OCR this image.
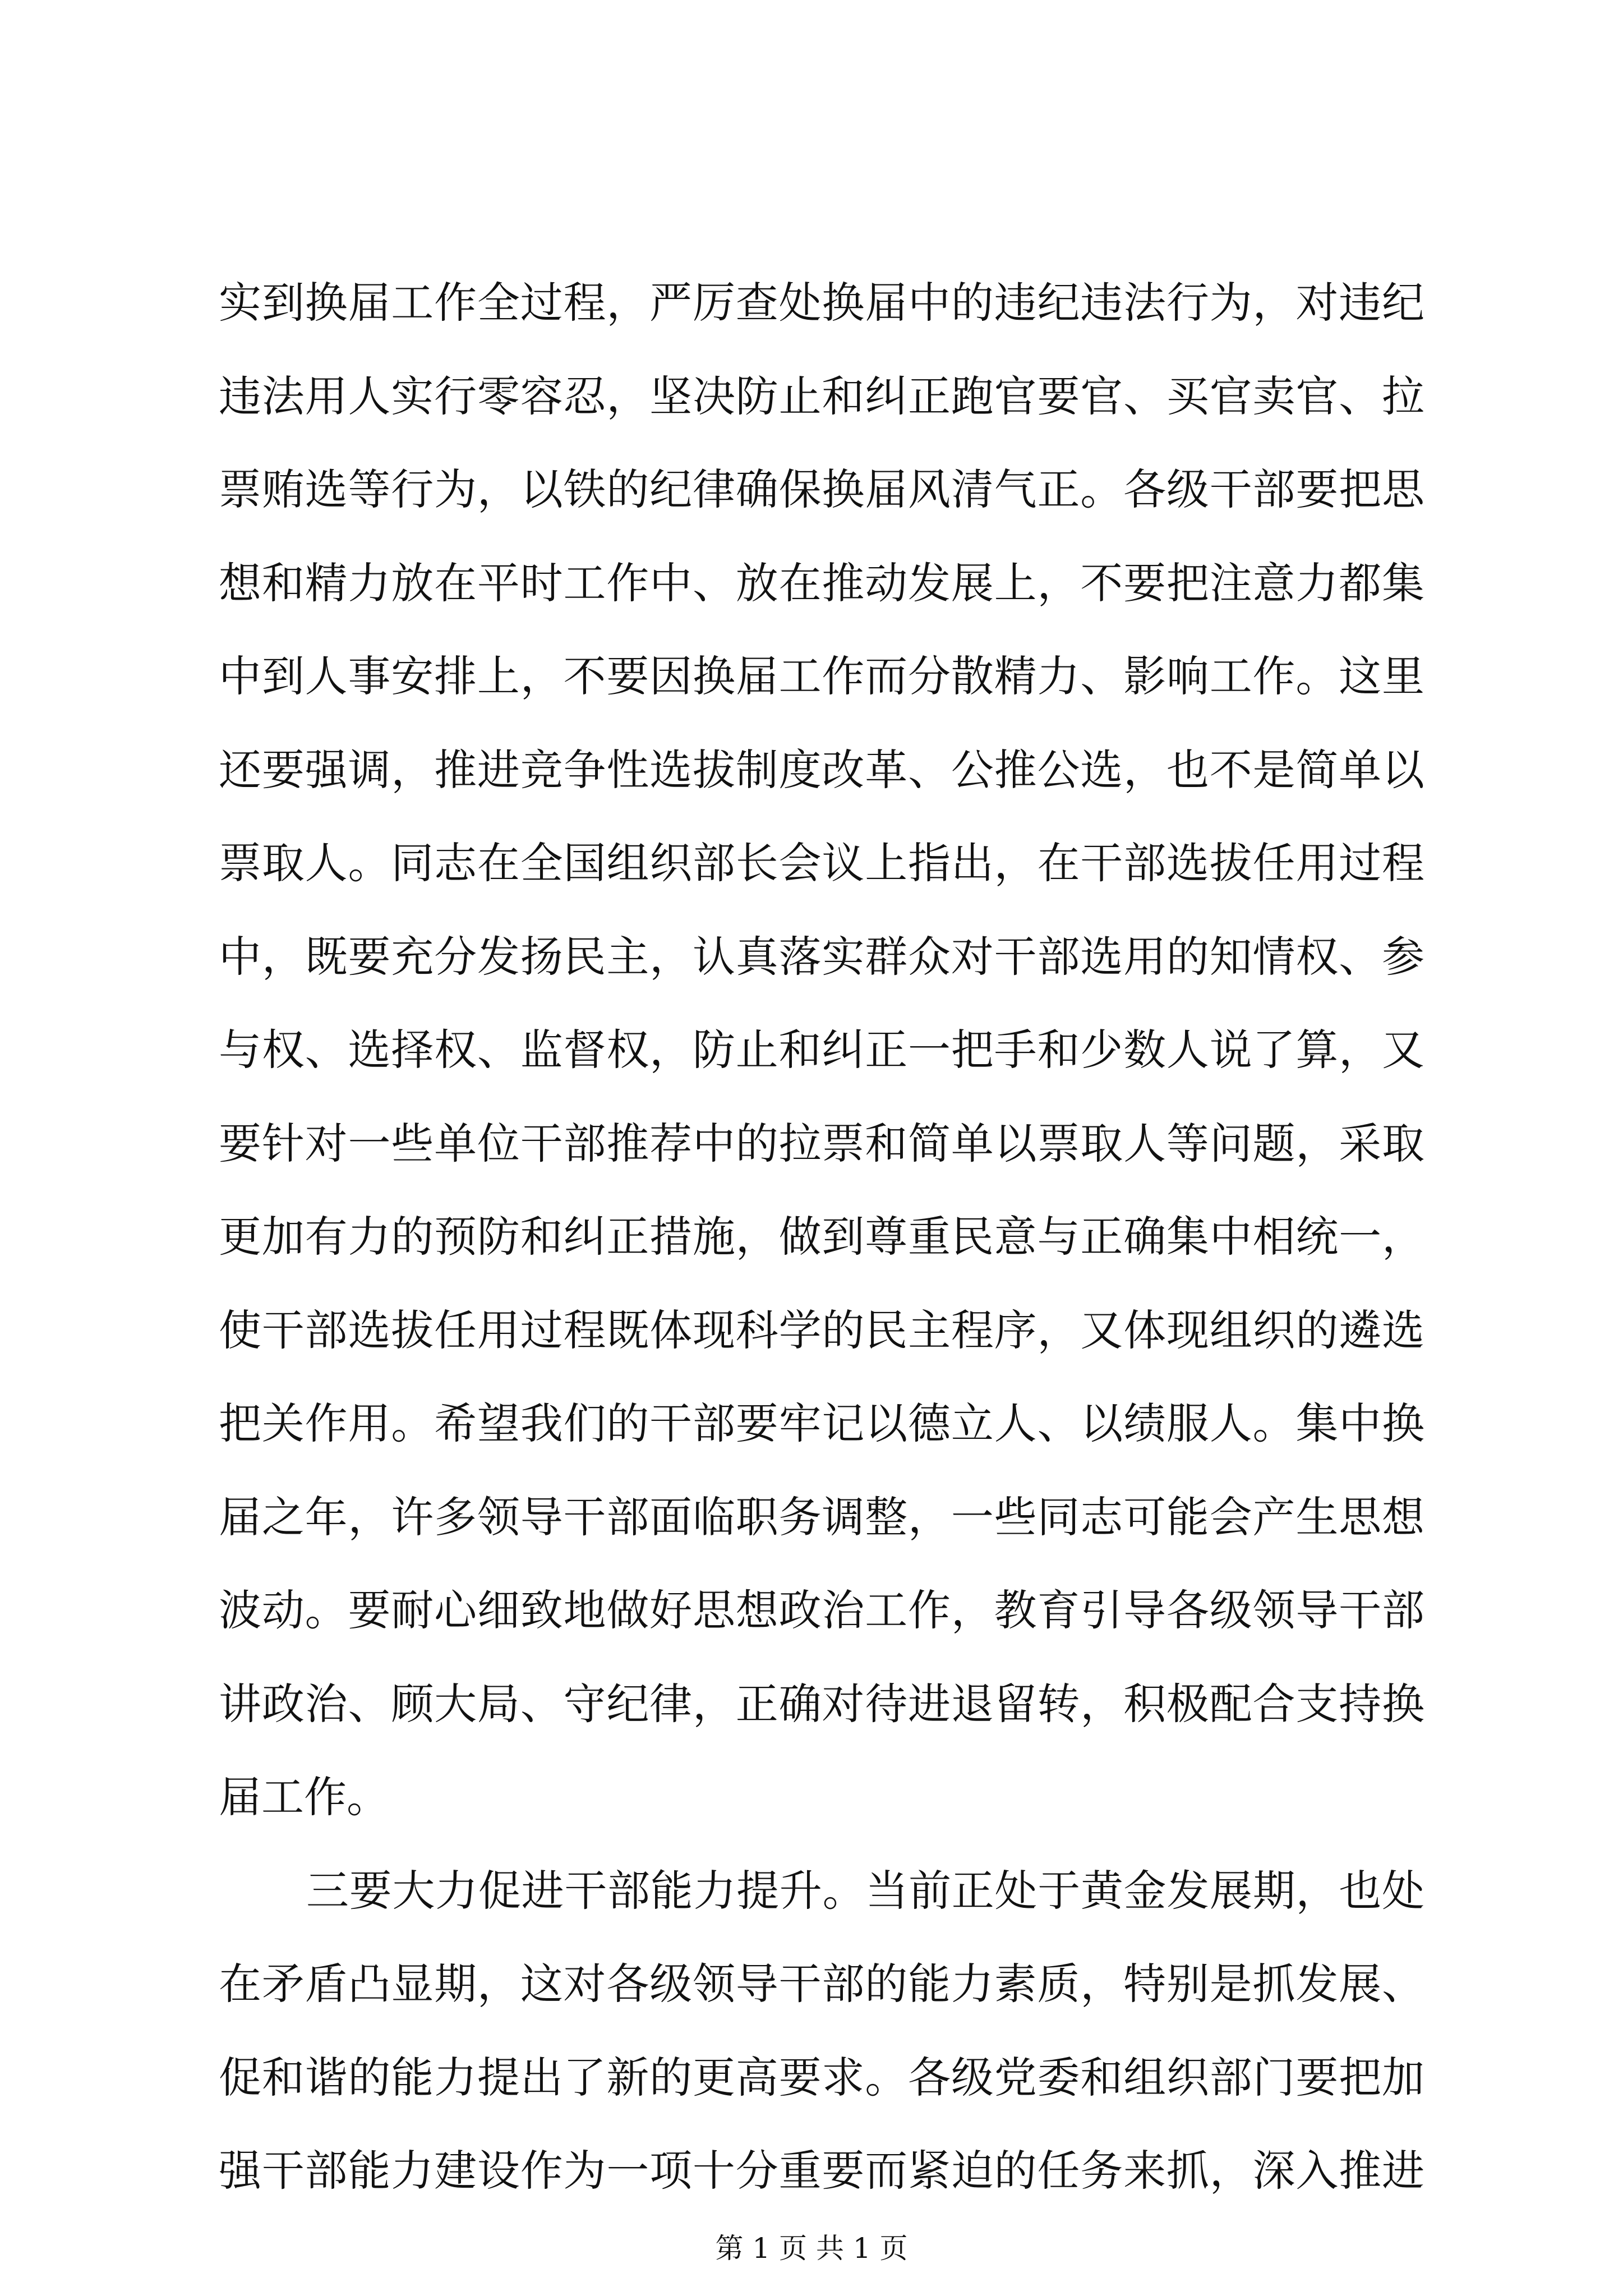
实到换届工作全过程，严厉查处换届中的违纪违法行为，对违纪
违法用人实行零容忍，坚决防止和纠正跑官要官、买官卖官、拉
票贿选等行为，以铁的纪律确保换届风清气正。各级干部要把思
想和精力放在平时工作中、放在推动发展上，不要把注意力都集
中到人事安排上，不要因换届工作而分散精力、影响工作。这里
还要强调，推进竞争性选拔制度改革、公推公选，也不是简单以
票取人。同志在全国组织部长会议上指出，在干部选拔任用过程
中，既要充分发扬民主，认真落实群众对干部选用的知情权、参
与权、选择权、监督权，防止和纠正一把手和少数人说了算，又
要针对一些单位干部推荐中的拉票和简单以票取人等问题，采取
更加有力的预防和纠正措施，做到尊重民意与正确集中相统一，
使干部选拔任用过程既体现科学的民主程序，又体现组织的遴选
把关作用。希望我们的干部要牢记以德立人、以绩服人。集中换
届之年，许多领导干部面临职务调整，一些同志可能会产生思想
波动。要耐心细致地做好思想政治工作，教育引导各级领导干部
讲政治、顾大局、守纪律，正确对待进退留转，积极配合支持换
届工作。
三要大力促进干部能力提升。当前正处于黄金发展期，也处
在矛盾凸显期，这对各级领导干部的能力素质，特别是抓发展、
促和谐的能力提出了新的更高要求。各级党委和组织部门要把加
强干部能力建设作为一项十分重要而紧迫的任务来抓，深入推进
第 1 页 共 1 页
